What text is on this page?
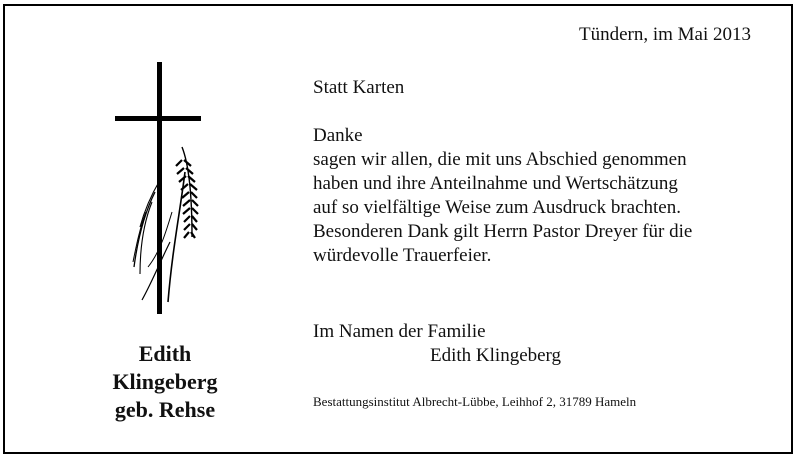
Tündern, im Mai 2013
Edith
Klingeberg
geb. Rehse
Statt Karten
Danke
sagen wir allen, die mit uns Abschied genommen
haben und ihre Anteilnahme und Wertschätzung
auf so vielfältige Weise zum Ausdruck brachten.
Besonderen Dank gilt Herrn Pastor Dreyer für die
würdevolle Trauerfeier.
Im Namen der Familie
Edith Klingeberg
Bestattungsinstitut Albrecht-Lübbe, Leihhof 2, 31789 Hameln
